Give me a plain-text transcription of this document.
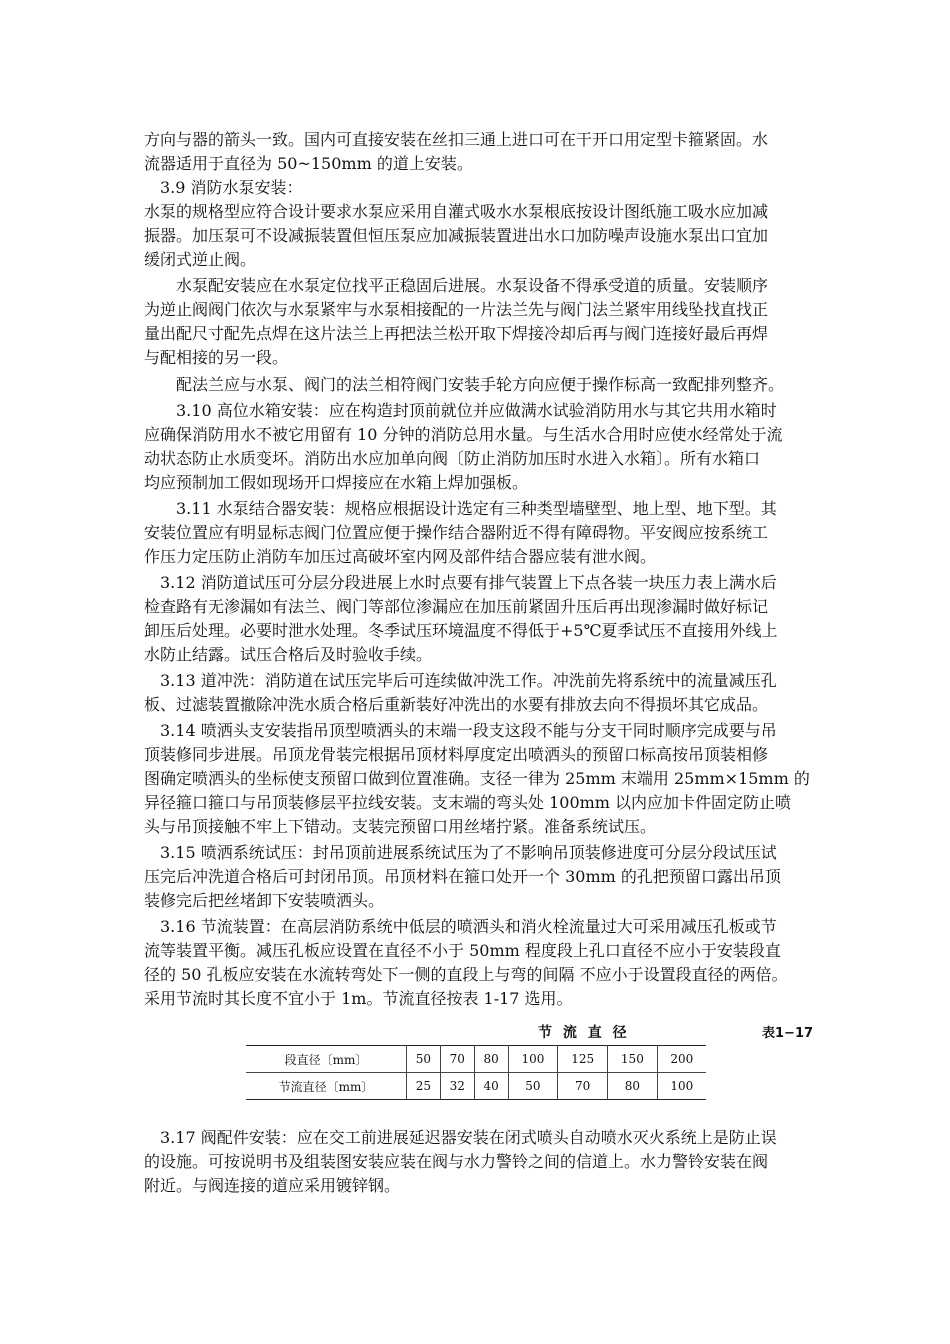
方向与器的箭头一致。国内可直接安装在丝扣三通上进口可在干开口用定型卡箍紧固。水
流器适用于直径为 50~150mm 的道上安装。
　3.9 消防水泵安装：
水泵的规格型应符合设计要求水泵应采用自灌式吸水水泵根底按设计图纸施工吸水应加减
振器。加压泵可不设减振装置但恒压泵应加减振装置进出水口加防噪声设施水泵出口宜加
缓闭式逆止阀。
　　水泵配安装应在水泵定位找平正稳固后进展。水泵设备不得承受道的质量。安装顺序
为逆止阀阀门依次与水泵紧牢与水泵相接配的一片法兰先与阀门法兰紧牢用线坠找直找正
量出配尺寸配先点焊在这片法兰上再把法兰松开取下焊接冷却后再与阀门连接好最后再焊
与配相接的另一段。
　　配法兰应与水泵、阀门的法兰相符阀门安装手轮方向应便于操作标高一致配排列整齐。
　　3.10 高位水箱安装：应在构造封顶前就位并应做满水试验消防用水与其它共用水箱时
应确保消防用水不被它用留有 10 分钟的消防总用水量。与生活水合用时应使水经常处于流
动状态防止水质变坏。消防出水应加单向阀〔防止消防加压时水进入水箱〕。所有水箱口
均应预制加工假如现场开口焊接应在水箱上焊加强板。
　　3.11 水泵结合器安装：规格应根据设计选定有三种类型墙壁型、地上型、地下型。其
安装位置应有明显标志阀门位置应便于操作结合器附近不得有障碍物。平安阀应按系统工
作压力定压防止消防车加压过高破坏室内网及部件结合器应装有泄水阀。
　3.12 消防道试压可分层分段进展上水时点要有排气装置上下点各装一块压力表上满水后
检查路有无渗漏如有法兰、阀门等部位渗漏应在加压前紧固升压后再出现渗漏时做好标记
卸压后处理。必要时泄水处理。冬季试压环境温度不得低于+5℃夏季试压不直接用外线上
水防止结露。试压合格后及时验收手续。
　3.13 道冲洗：消防道在试压完毕后可连续做冲洗工作。冲洗前先将系统中的流量减压孔
板、过滤装置撤除冲洗水质合格后重新装好冲洗出的水要有排放去向不得损坏其它成品。
　3.14 喷洒头支安装指吊顶型喷洒头的末端一段支这段不能与分支干同时顺序完成要与吊
顶装修同步进展。吊顶龙骨装完根据吊顶材料厚度定出喷洒头的预留口标高按吊顶装相修
图确定喷洒头的坐标使支预留口做到位置准确。支径一律为 25mm 末端用 25mm×15mm 的
异径箍口箍口与吊顶装修层平拉线安装。支末端的弯头处 100mm 以内应加卡件固定防止喷
头与吊顶接触不牢上下错动。支装完预留口用丝堵拧紧。准备系统试压。
　3.15 喷洒系统试压：封吊顶前进展系统试压为了不影响吊顶装修进度可分层分段试压试
压完后冲洗道合格后可封闭吊顶。吊顶材料在箍口处开一个 30mm 的孔把预留口露出吊顶
装修完后把丝堵卸下安装喷洒头。
　3.16 节流装置：在高层消防系统中低层的喷洒头和消火栓流量过大可采用减压孔板或节
流等装置平衡。减压孔板应设置在直径不小于 50mm 程度段上孔口直径不应小于安装段直
径的 50 孔板应安装在水流转弯处下一侧的直段上与弯的间隔 不应小于设置段直径的两倍。
采用节流时其长度不宜小于 1m。节流直径按表 1-17 选用。
节 流 直 径	表1−17
段直径〔mm〕	50	70	80	100	125	150	200
节流直径〔mm〕	25	32	40	50	70	80	100
　3.17 阀配件安装：应在交工前进展延迟器安装在闭式喷头自动喷水灭火系统上是防止误
的设施。可按说明书及组装图安装应装在阀与水力警铃之间的信道上。水力警铃安装在阀
附近。与阀连接的道应采用镀锌钢。
